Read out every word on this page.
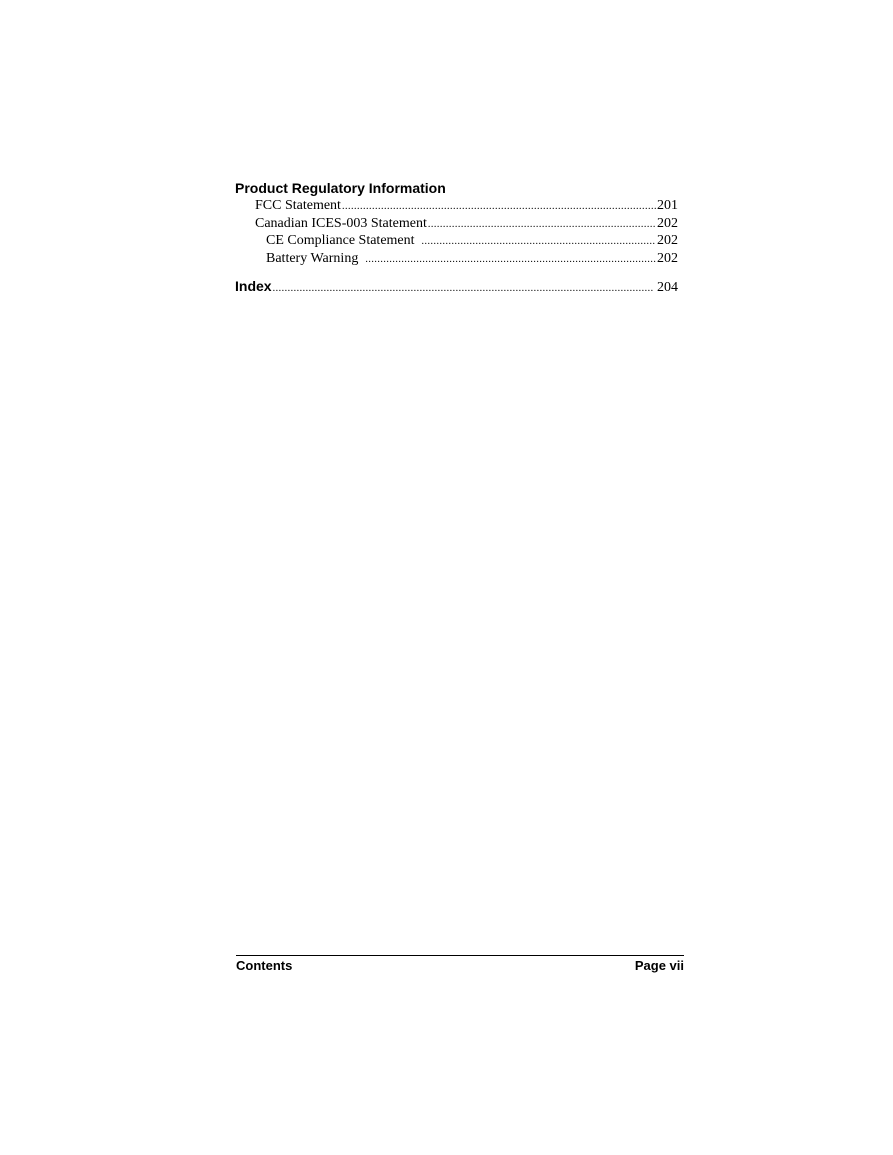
Product Regulatory Information
FCC Statement .....	201
Canadian ICES-003 Statement .....	202
CE Compliance Statement .....	202
Battery Warning .....	202
Index .....	204
Contents	Page vii
